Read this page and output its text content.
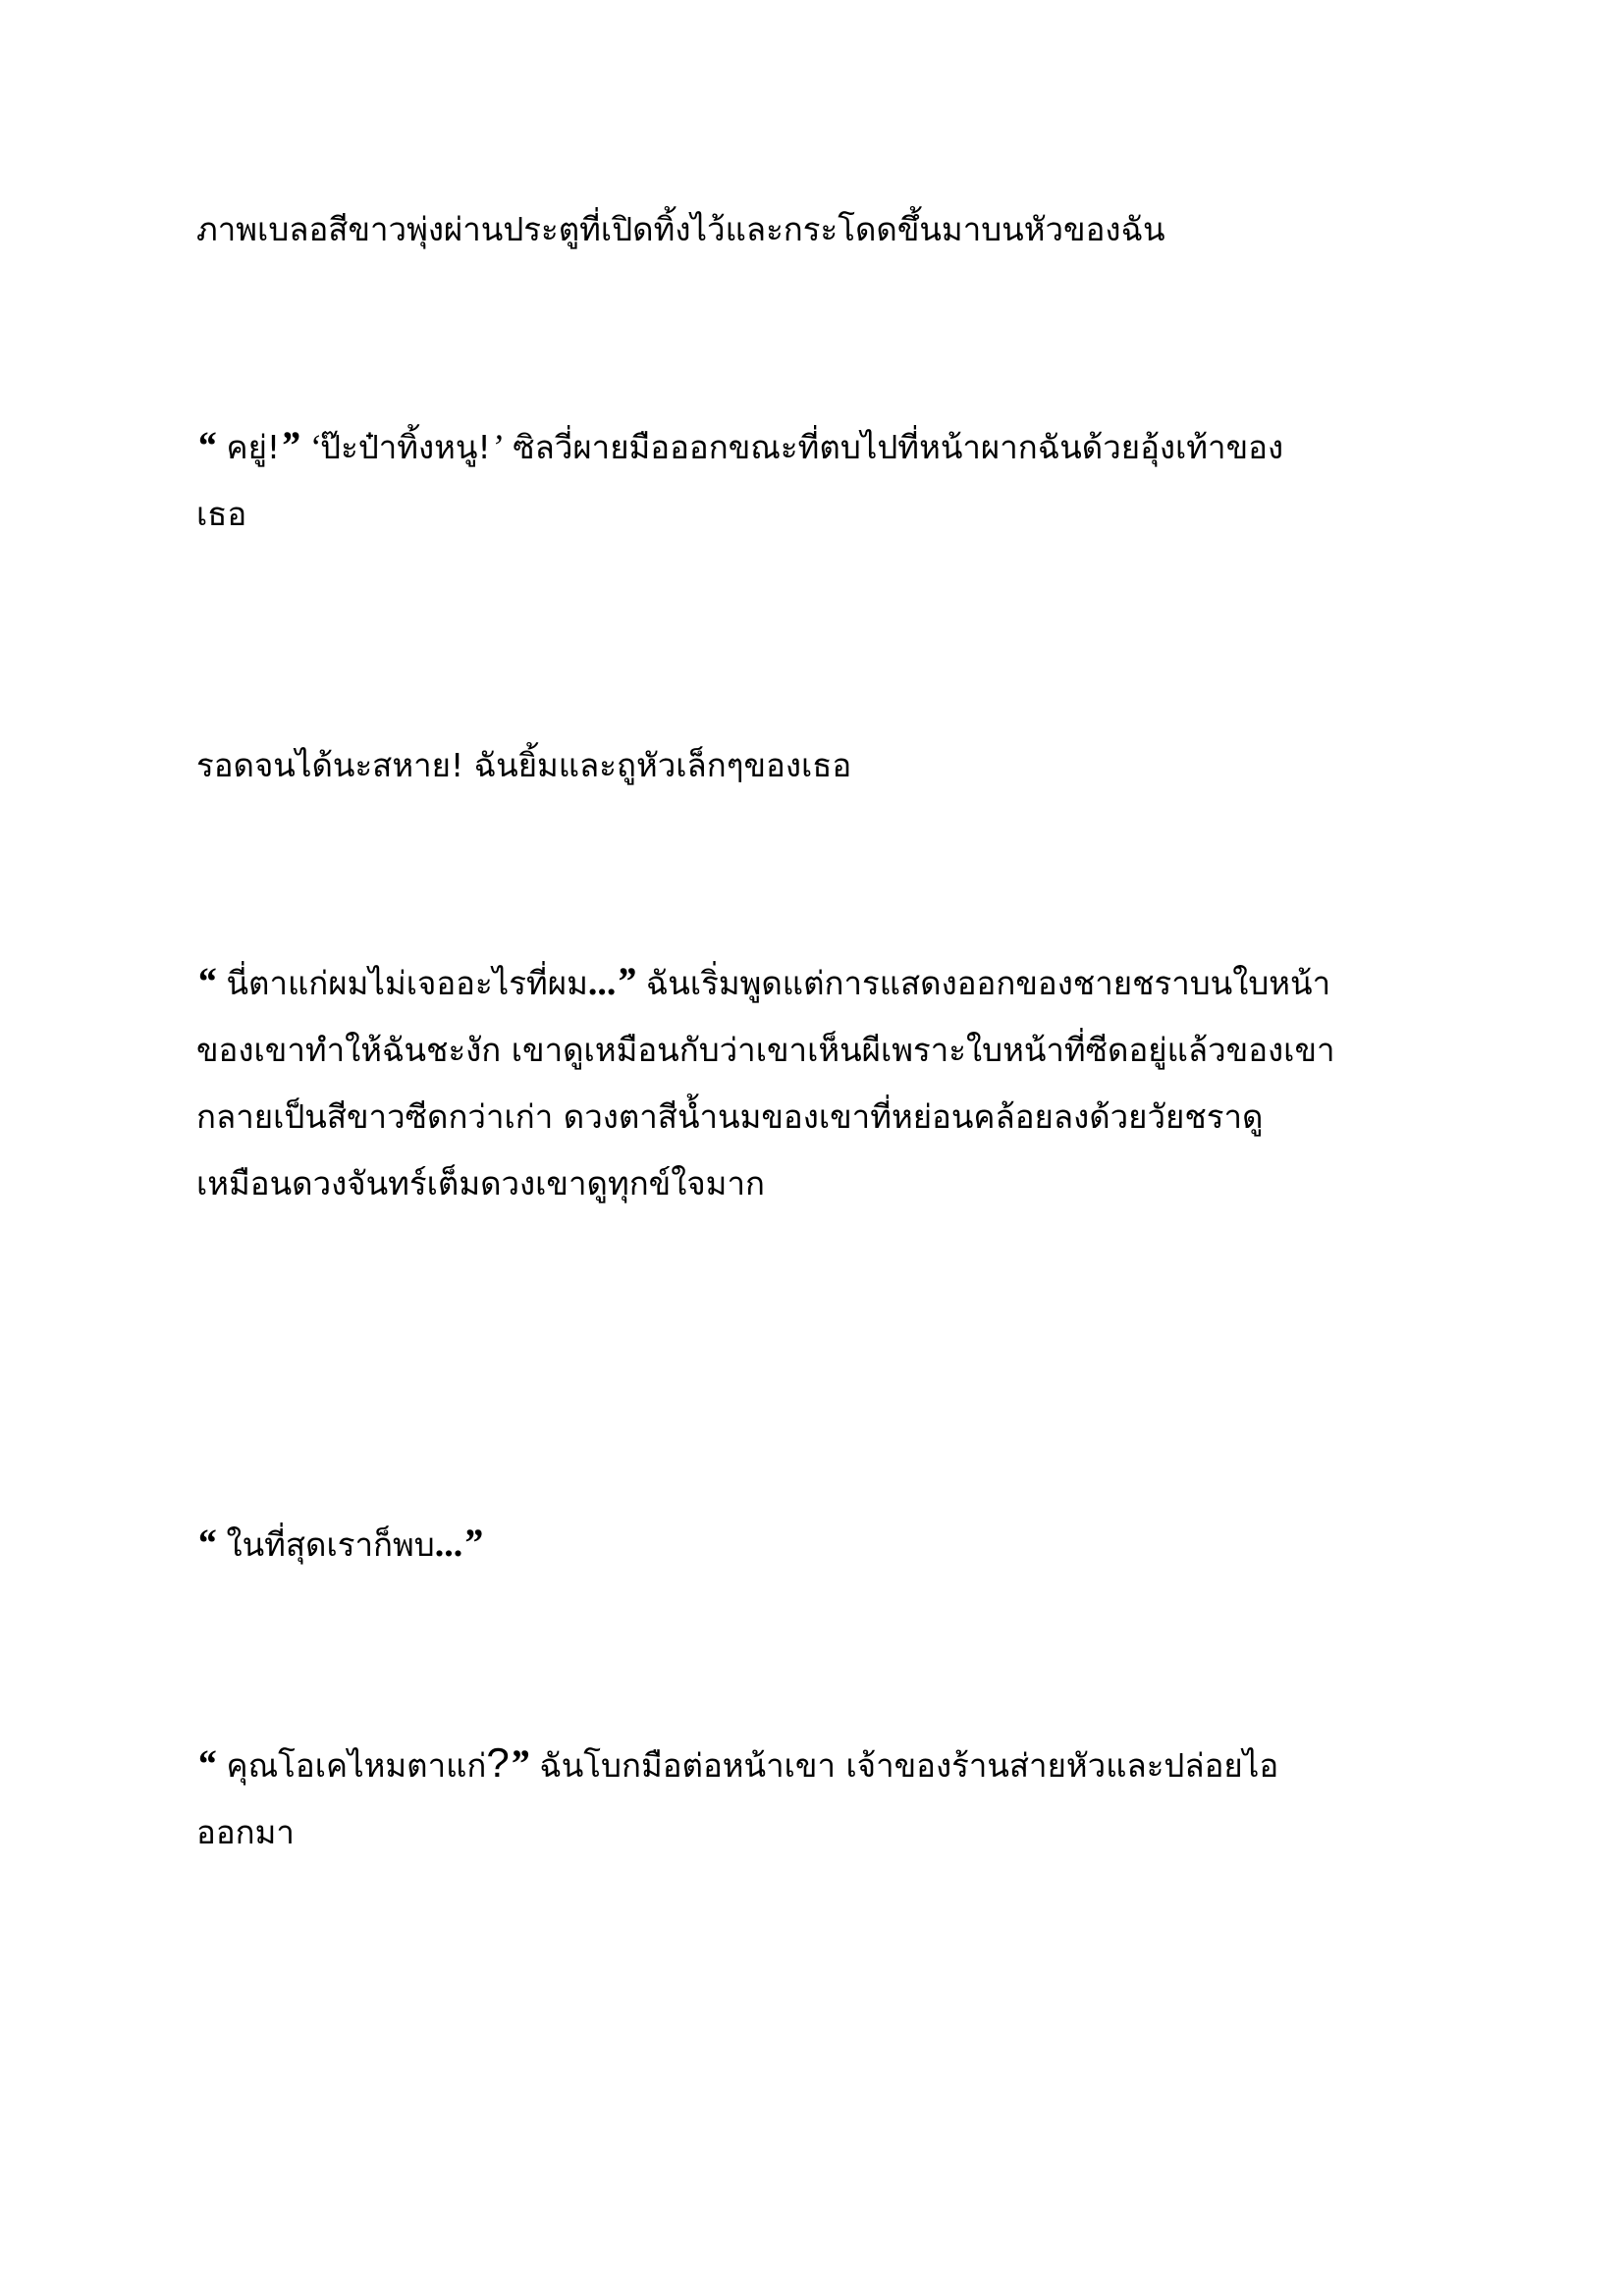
ภาพเบลอสีขาวพุ่งผ่านประตูที่เปิดทิ้งไว้และกระโดดขึ้นมาบนหัวของฉัน

“ คยู่!” ‘ป๊ะป๋าทิ้งหนู!’ ซิลวี่ผายมือออกขณะที่ตบไปที่หน้าผากฉันด้วยอุ้งเท้าของ
เธอ

รอดจนได้นะสหาย! ฉันยิ้มและถูหัวเล็กๆของเธอ

“ นี่ตาแก่ผมไม่เจออะไรที่ผม...” ฉันเริ่มพูดแต่การแสดงออกของชายชราบนใบหน้า
ของเขาทำให้ฉันชะงัก เขาดูเหมือนกับว่าเขาเห็นผีเพราะใบหน้าที่ซีดอยู่แล้วของเขา
กลายเป็นสีขาวซีดกว่าเก่า ดวงตาสีน้ำนมของเขาที่หย่อนคล้อยลงด้วยวัยชราดู
เหมือนดวงจันทร์เต็มดวงเขาดูทุกข์ใจมาก

“ ในที่สุดเราก็พบ...”

“ คุณโอเคไหมตาแก่?” ฉันโบกมือต่อหน้าเขา เจ้าของร้านส่ายหัวและปล่อยไอ
ออกมา
